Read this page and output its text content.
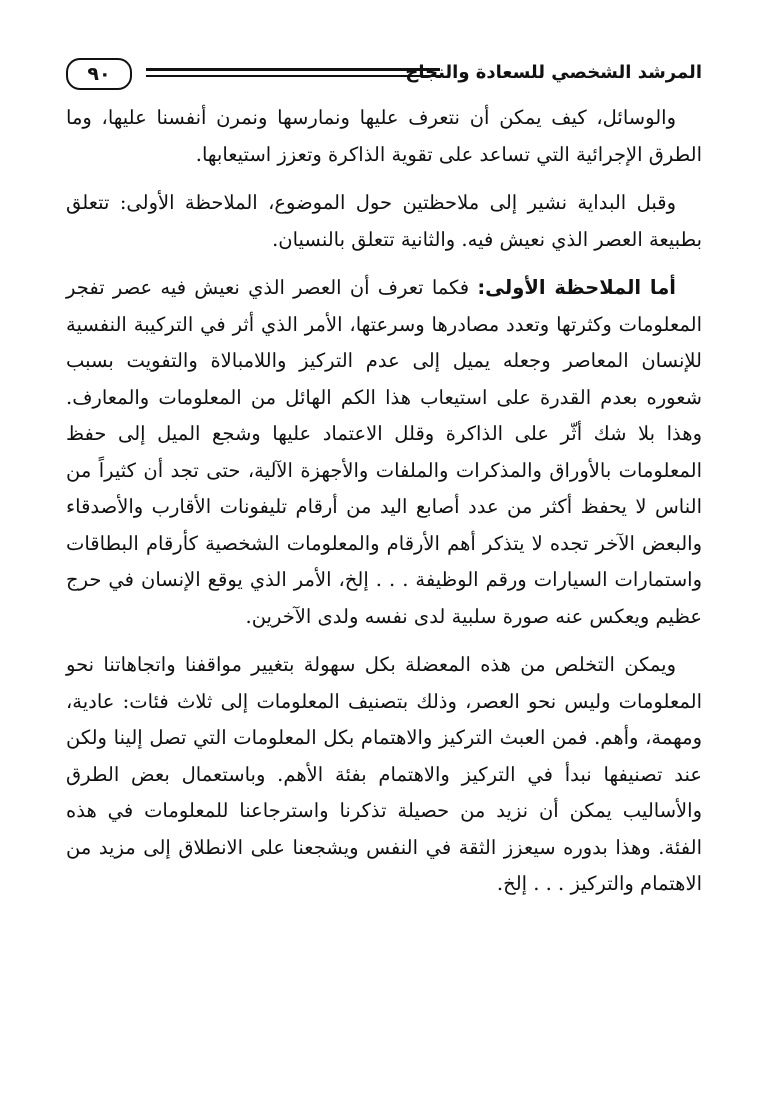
المرشد الشخصي للسعادة والنجاح
٩٠

والوسائل، كيف يمكن أن نتعرف عليها ونمارسها ونمرن أنفسنا عليها، وما الطرق الإجرائية التي تساعد على تقوية الذاكرة وتعزز استيعابها.

وقبل البداية نشير إلى ملاحظتين حول الموضوع، الملاحظة الأولى: تتعلق بطبيعة العصر الذي نعيش فيه. والثانية تتعلق بالنسيان.

أما الملاحظة الأولى: فكما تعرف أن العصر الذي نعيش فيه عصر تفجر المعلومات وكثرتها وتعدد مصادرها وسرعتها، الأمر الذي أثر في التركيبة النفسية للإنسان المعاصر وجعله يميل إلى عدم التركيز واللامبالاة والتفويت بسبب شعوره بعدم القدرة على استيعاب هذا الكم الهائل من المعلومات والمعارف. وهذا بلا شك أثّر على الذاكرة وقلل الاعتماد عليها وشجع الميل إلى حفظ المعلومات بالأوراق والمذكرات والملفات والأجهزة الآلية، حتى تجد أن كثيراً من الناس لا يحفظ أكثر من عدد أصابع اليد من أرقام تليفونات الأقارب والأصدقاء والبعض الآخر تجده لا يتذكر أهم الأرقام والمعلومات الشخصية كأرقام البطاقات واستمارات السيارات ورقم الوظيفة . . . إلخ، الأمر الذي يوقع الإنسان في حرج عظيم ويعكس عنه صورة سلبية لدى نفسه ولدى الآخرين.

ويمكن التخلص من هذه المعضلة بكل سهولة بتغيير مواقفنا واتجاهاتنا نحو المعلومات وليس نحو العصر، وذلك بتصنيف المعلومات إلى ثلاث فئات: عادية، ومهمة، وأهم. فمن العبث التركيز والاهتمام بكل المعلومات التي تصل إلينا ولكن عند تصنيفها نبدأ في التركيز والاهتمام بفئة الأهم. وباستعمال بعض الطرق والأساليب يمكن أن نزيد من حصيلة تذكرنا واسترجاعنا للمعلومات في هذه الفئة. وهذا بدوره سيعزز الثقة في النفس ويشجعنا على الانطلاق إلى مزيد من الاهتمام والتركيز . . . إلخ.
